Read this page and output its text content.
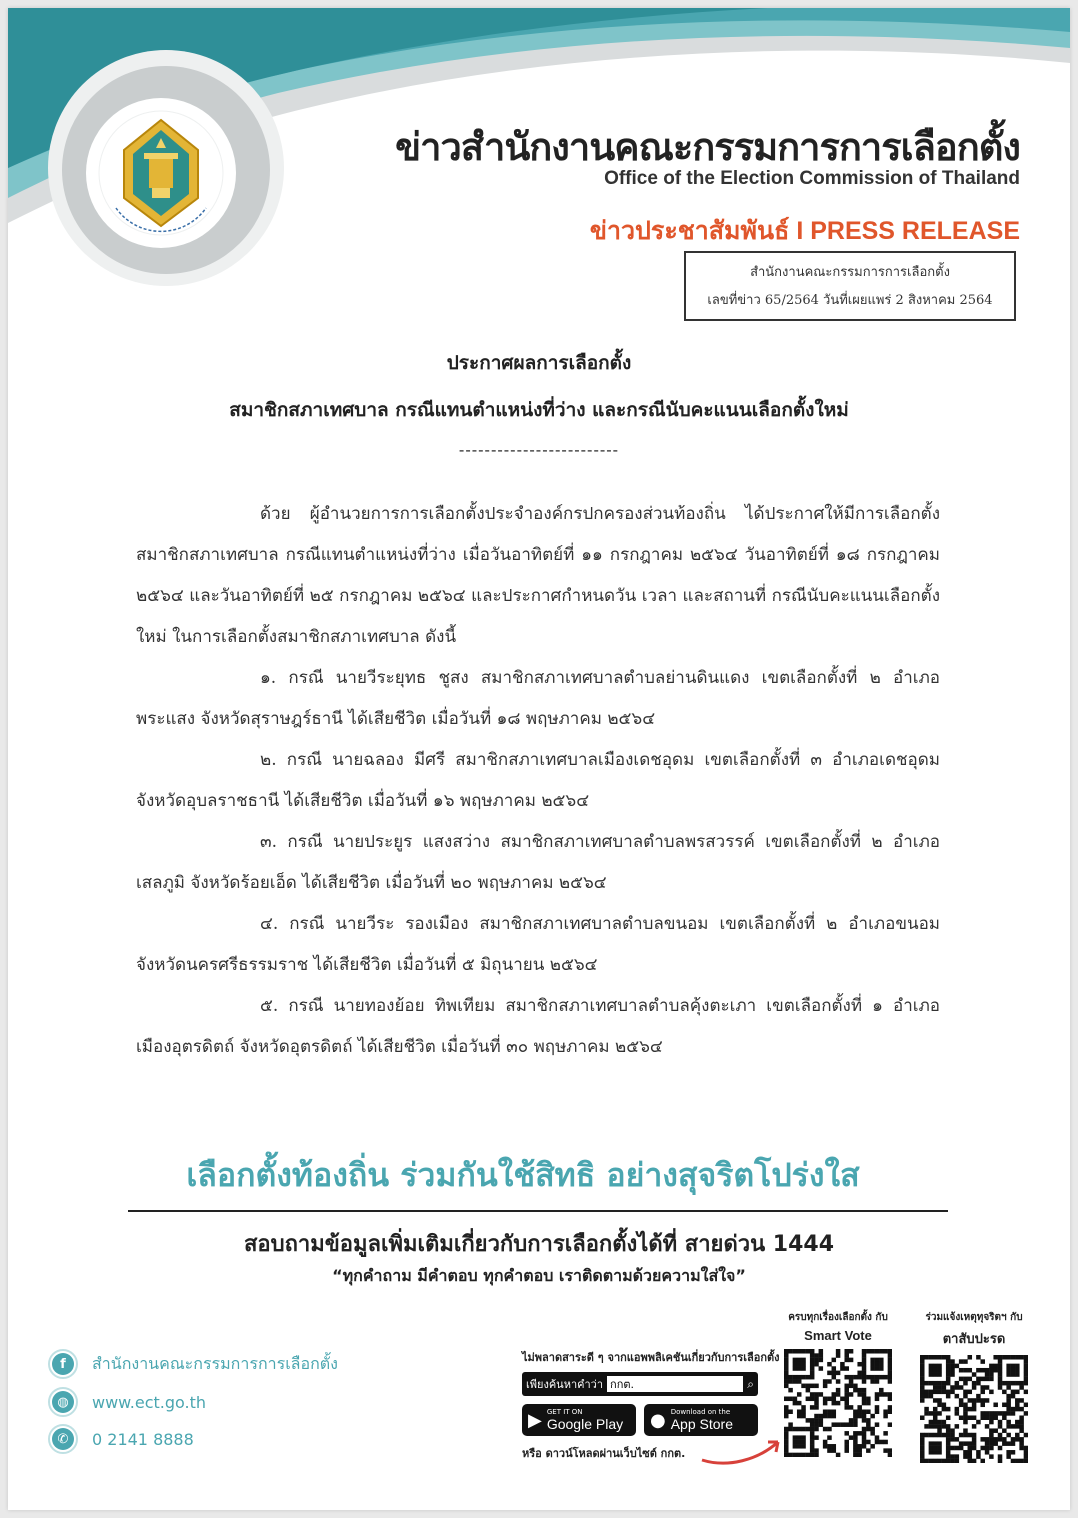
ข่าวสำนักงานคณะกรรมการการเลือกตั้ง
Office of the Election Commission of Thailand
ข่าวประชาสัมพันธ์ I PRESS RELEASE
สำนักงานคณะกรรมการการเลือกตั้ง
เลขที่ข่าว 65/2564 วันที่เผยแพร่ 2 สิงหาคม 2564
ประกาศผลการเลือกตั้ง
สมาชิกสภาเทศบาล กรณีแทนตำแหน่งที่ว่าง และกรณีนับคะแนนเลือกตั้งใหม่
-------------------------

ด้วย ผู้อำนวยการการเลือกตั้งประจำองค์กรปกครองส่วนท้องถิ่น ได้ประกาศให้มีการเลือกตั้งสมาชิกสภาเทศบาล กรณีแทนตำแหน่งที่ว่าง เมื่อวันอาทิตย์ที่ ๑๑ กรกฎาคม ๒๕๖๔ วันอาทิตย์ที่ ๑๘ กรกฎาคม ๒๕๖๔ และวันอาทิตย์ที่ ๒๕ กรกฎาคม ๒๕๖๔ และประกาศกำหนดวัน เวลา และสถานที่ กรณีนับคะแนนเลือกตั้งใหม่ ในการเลือกตั้งสมาชิกสภาเทศบาล ดังนี้

๑. กรณี นายวีระยุทธ ชูสง สมาชิกสภาเทศบาลตำบลย่านดินแดง เขตเลือกตั้งที่ ๒ อำเภอพระแสง จังหวัดสุราษฎร์ธานี ได้เสียชีวิต เมื่อวันที่ ๑๘ พฤษภาคม ๒๕๖๔

๒. กรณี นายฉลอง มีศรี สมาชิกสภาเทศบาลเมืองเดชอุดม เขตเลือกตั้งที่ ๓ อำเภอเดชอุดม จังหวัดอุบลราชธานี ได้เสียชีวิต เมื่อวันที่ ๑๖ พฤษภาคม ๒๕๖๔

๓. กรณี นายประยูร แสงสว่าง สมาชิกสภาเทศบาลตำบลพรสวรรค์ เขตเลือกตั้งที่ ๒ อำเภอเสลภูมิ จังหวัดร้อยเอ็ด ได้เสียชีวิต เมื่อวันที่ ๒๐ พฤษภาคม ๒๕๖๔

๔. กรณี นายวีระ รองเมือง สมาชิกสภาเทศบาลตำบลขนอม เขตเลือกตั้งที่ ๒ อำเภอขนอม จังหวัดนครศรีธรรมราช ได้เสียชีวิต เมื่อวันที่ ๕ มิถุนายน ๒๕๖๔

๕. กรณี นายทองย้อย ทิพเทียม สมาชิกสภาเทศบาลตำบลคุ้งตะเภา เขตเลือกตั้งที่ ๑ อำเภอเมืองอุตรดิตถ์ จังหวัดอุตรดิตถ์ ได้เสียชีวิต เมื่อวันที่ ๓๐ พฤษภาคม ๒๕๖๔

เลือกตั้งท้องถิ่น ร่วมกันใช้สิทธิ อย่างสุจริตโปร่งใส
สอบถามข้อมูลเพิ่มเติมเกี่ยวกับการเลือกตั้งได้ที่ สายด่วน 1444
“ทุกคำถาม มีคำตอบ ทุกคำตอบ เราติดตามด้วยความใส่ใจ”
f	สำนักงานคณะกรรมการการเลือกตั้ง
◍	www.ect.go.th
✆	0 2141 8888
ไม่พลาดสาระดี ๆ จากแอพพลิเคชันเกี่ยวกับการเลือกตั้ง
เพียงค้นหาคำว่า
กกต.	⌕
▶ GET IT ON
Google Play ● Download on the
App Store
หรือ ดาวน์โหลดผ่านเว็บไซต์ กกต.
ครบทุกเรื่องเลือกตั้ง กับ
Smart Vote
ร่วมแจ้งเหตุทุจริตฯ กับ
ตาสับปะรด
